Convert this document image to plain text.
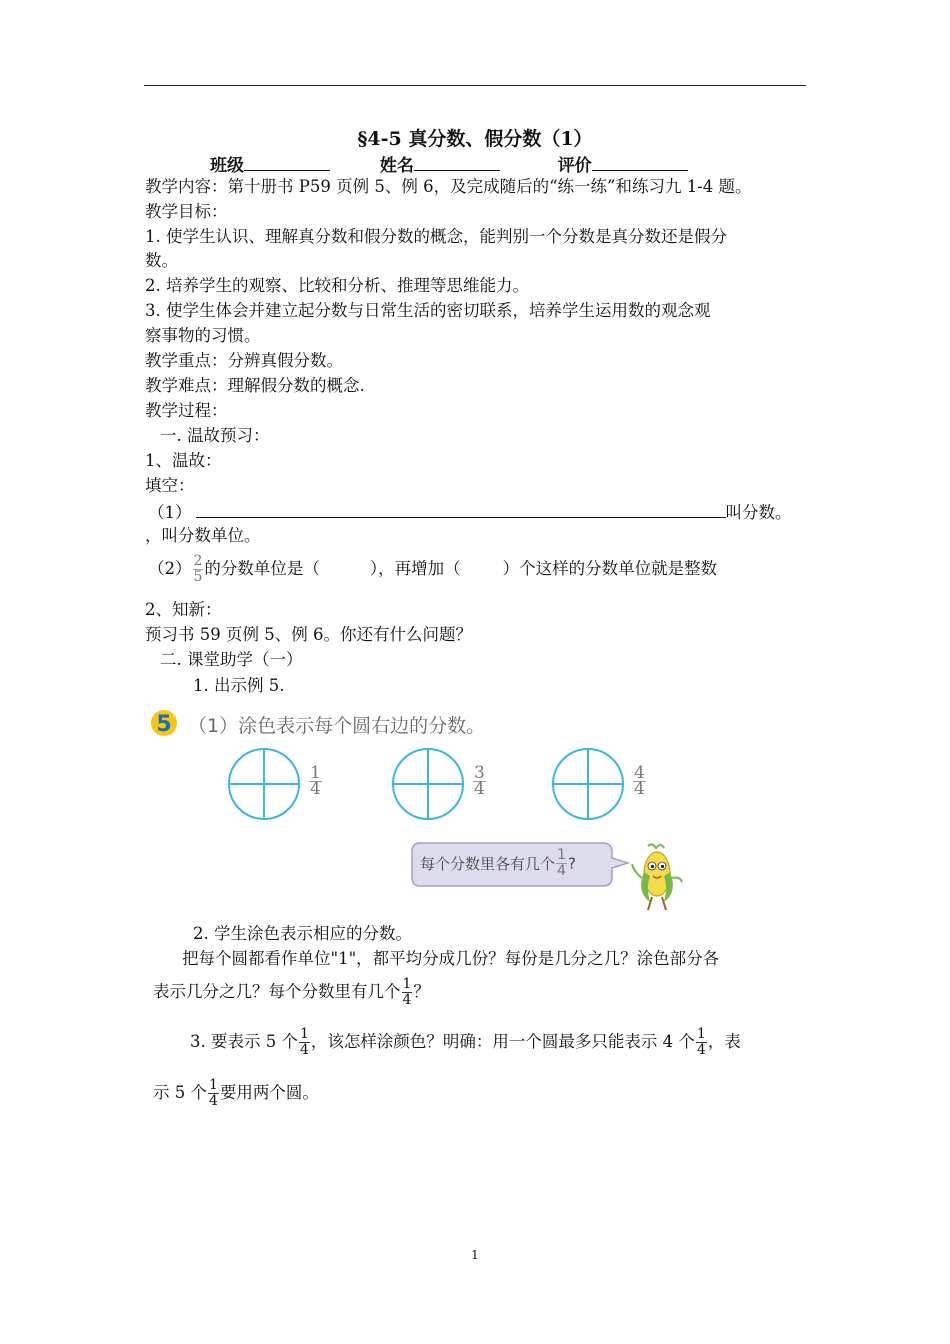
§4-5 真分数、假分数（1）
班级	姓名	评价
教学内容：第十册书 P59 页例 5、例 6，及完成随后的“练一练”和练习九 1-4 题。
教学目标：
1. 使学生认识、理解真分数和假分数的概念，能判别一个分数是真分数还是假分
数。
2. 培养学生的观察、比较和分析、推理等思维能力。
3. 使学生体会并建立起分数与日常生活的密切联系，培养学生运用数的观念观
察事物的习惯。
教学重点：分辨真假分数。
教学难点：理解假分数的概念.
教学过程：
一. 温故预习：
1、温故：
填空：
（1）	叫分数。
，叫分数单位。
$(2) \frac{2}{5}$ 的分数单位是（	），再增加（	）个这样的分数单位就是整数
2、知新：
预习书 59 页例 5、例 6。你还有什么问题？
二. 课堂助学（一）
1. 出示例 5.
5 （1）涂色表示每个圆右边的分数。
$\frac{1}{4}$	$\frac{3}{4}$	$\frac{4}{4}$
每个分数里各有几个 $\frac{1}{4}$ ?
2. 学生涂色表示相应的分数。
把每个圆都看作单位"1"，都平均分成几份？每份是几分之几？涂色部分各
表示几分之几？每个分数里有几个 $\frac{1}{4}$ ？
3. 要表示 5 个 $\frac{1}{4}$ ，该怎样涂颜色？明确：用一个圆最多只能表示 4 个 $\frac{1}{4}$ ，表
示 5 个 $\frac{1}{4}$ 要用两个圆。
1
